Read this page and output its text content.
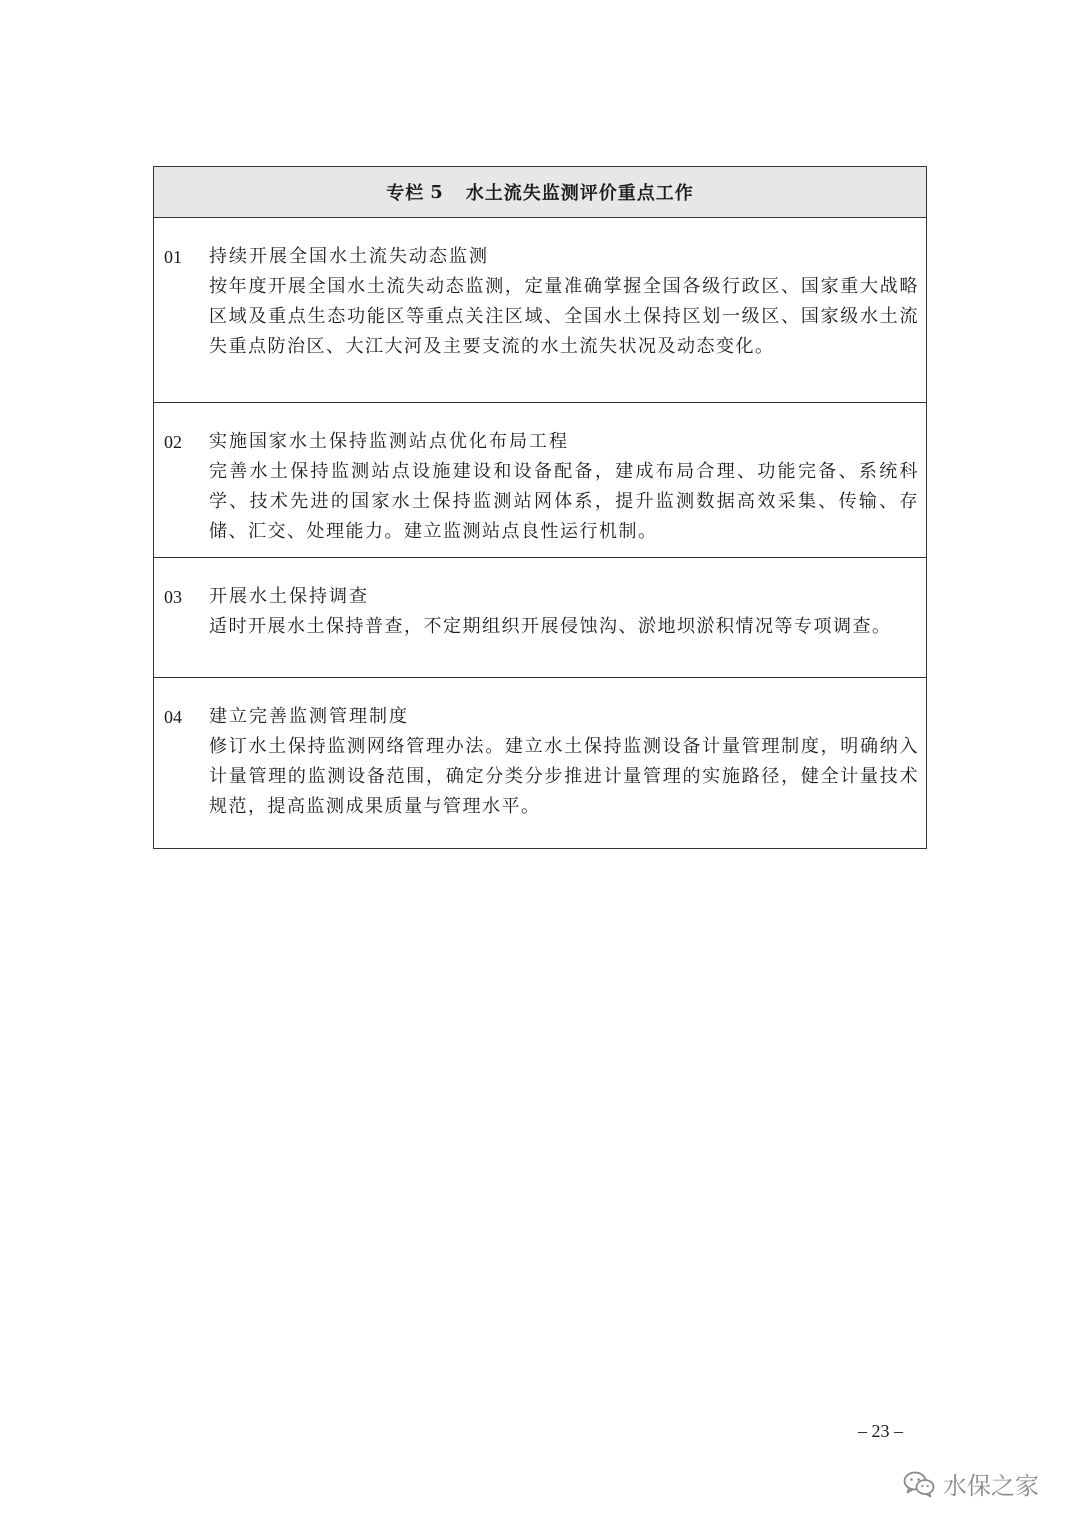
专栏 5 水土流失监测评价重点工作
01 持续开展全国水土流失动态监测
按年度开展全国水土流失动态监测，定量准确掌握全国各级行政区、国家重大战略区域及重点生态功能区等重点关注区域、全国水土保持区划一级区、国家级水土流失重点防治区、大江大河及主要支流的水土流失状况及动态变化。
02 实施国家水土保持监测站点优化布局工程
完善水土保持监测站点设施建设和设备配备，建成布局合理、功能完备、系统科学、技术先进的国家水土保持监测站网体系，提升监测数据高效采集、传输、存储、汇交、处理能力。建立监测站点良性运行机制。
03 开展水土保持调查
适时开展水土保持普查，不定期组织开展侵蚀沟、淤地坝淤积情况等专项调查。
04 建立完善监测管理制度
修订水土保持监测网络管理办法。建立水土保持监测设备计量管理制度，明确纳入计量管理的监测设备范围，确定分类分步推进计量管理的实施路径，健全计量技术规范，提高监测成果质量与管理水平。
– 23 –
水保之家
